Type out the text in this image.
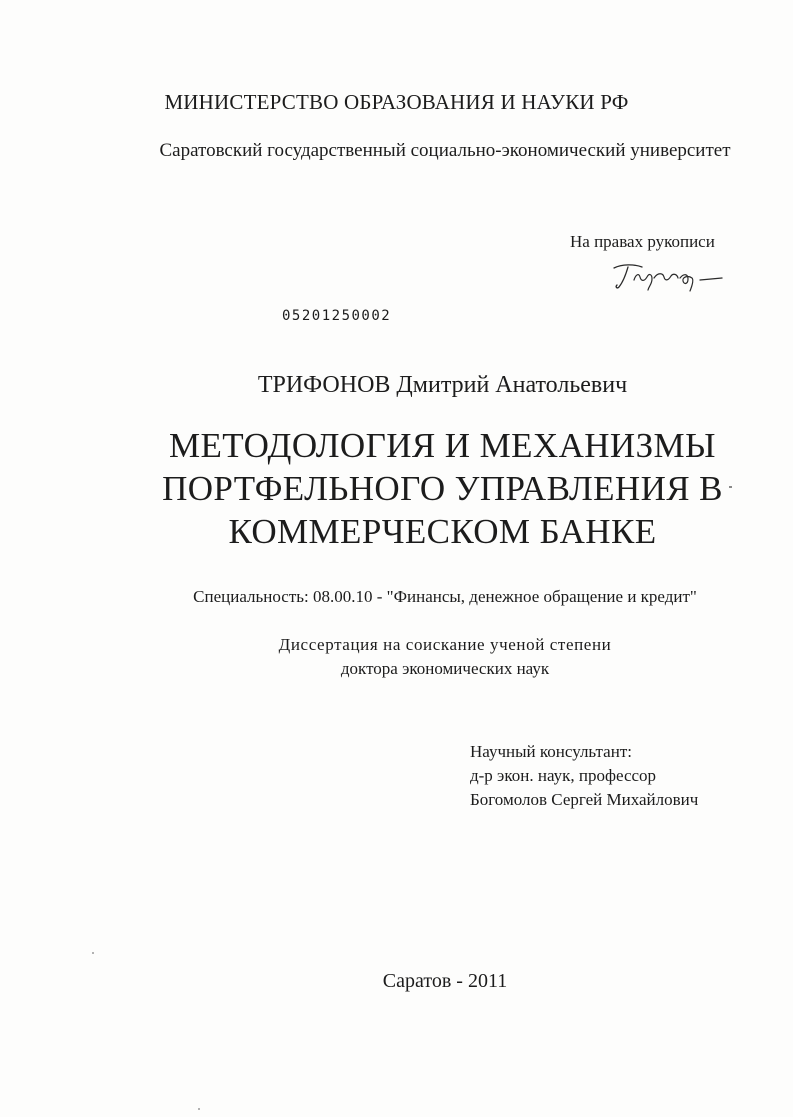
МИНИСТЕРСТВО ОБРАЗОВАНИЯ И НАУКИ РФ
Саратовский государственный социально-экономический университет
На правах рукописи
05201250002
ТРИФОНОВ Дмитрий Анатольевич
МЕТОДОЛОГИЯ И МЕХАНИЗМЫ
ПОРТФЕЛЬНОГО УПРАВЛЕНИЯ В
КОММЕРЧЕСКОМ БАНКЕ
Специальность: 08.00.10 - "Финансы, денежное обращение и кредит"
Диссертация на соискание ученой степени
доктора экономических наук
Научный консультант:
д-р экон. наук, профессор
Богомолов Сергей Михайлович
Саратов - 2011
